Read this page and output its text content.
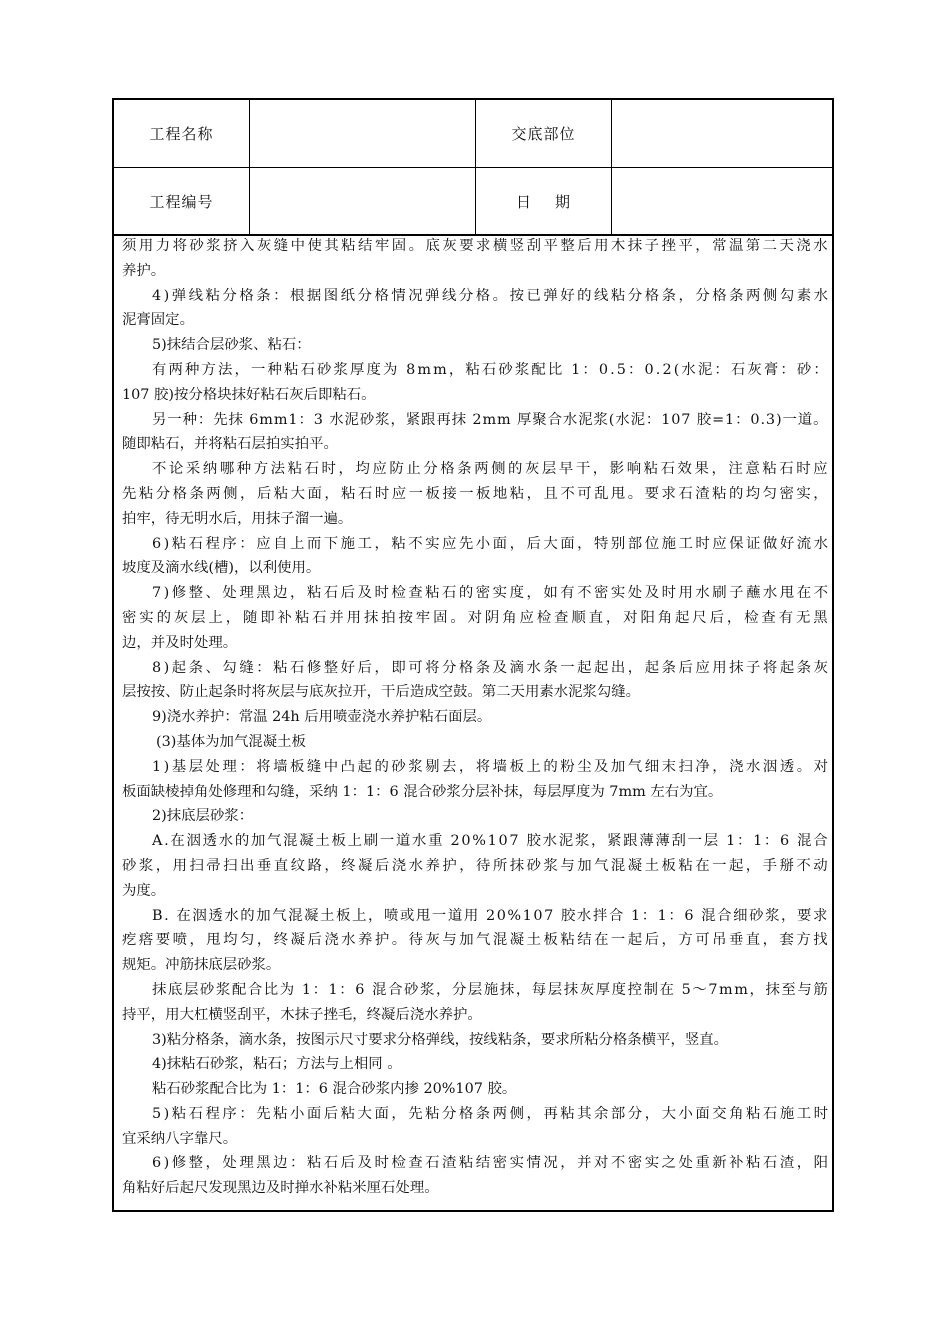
工程名称	交底部位
工程编号	日    期
须 用 力 将 砂 浆 挤 入 灰 缝 中 使 其 粘 结 牢 固 。 底 灰 要 求 横 竖 刮 平 整 后 用 木 抹 子 挫 平 ， 常 温 第 二 天 浇 水
养护。
4 ) 弹 线 粘 分 格 条 ： 根 据 图 纸 分 格 情 况 弹 线 分 格 。 按 已 弹 好 的 线 粘 分 格 条 ， 分 格 条 两 侧 勾 素 水
泥膏固定。
5)抹结合层砂浆、粘石：
有 两 种 方 法 ， 一 种 粘 石 砂 浆 厚 度 为
8 m m ， 粘 石 砂 浆 配 比
1 ： 0 . 5 ： 0 . 2 ( 水 泥 ： 石 灰 膏 ： 砂 ：
107 胶)按分格块抹好粘石灰后即粘石。
另 一 种 ： 先 抹
6 m m 1 ： 3
水 泥 砂 浆 ， 紧 跟 再 抹
2 m m
厚 聚 合 水 泥 浆 ( 水 泥 ： 1 0 7
胶 = 1 ： 0 . 3 ) 一 道 。
随即粘石，并将粘石层拍实拍平。
不 论 采 纳 哪 种 方 法 粘 石 时 ， 均 应 防 止 分 格 条 两 侧 的 灰 层 早 干 ， 影 响 粘 石 效 果 ， 注 意 粘 石 时 应
先 粘 分 格 条 两 侧 ， 后 粘 大 面 ， 粘 石 时 应 一 板 接 一 板 地 粘 ， 且 不 可 乱 甩 。 要 求 石 渣 粘 的 均 匀 密 实 ，
拍牢，待无明水后，用抹子溜一遍。
6 ) 粘 石 程 序 ： 应 自 上 而 下 施 工 ， 粘 不 实 应 先 小 面 ， 后 大 面 ， 特 别 部 位 施 工 时 应 保 证 做 好 流 水
坡度及滴水线(槽)，以利使用。
7 ) 修 整 、 处 理 黑 边 ， 粘 石 后 及 时 检 查 粘 石 的 密 实 度 ， 如 有 不 密 实 处 及 时 用 水 刷 子 蘸 水 甩 在 不
密 实 的 灰 层 上 ， 随 即 补 粘 石 并 用 抹 拍 按 牢 固 。 对 阴 角 应 检 查 顺 直 ， 对 阳 角 起 尺 后 ， 检 查 有 无 黑
边，并及时处理。
8 ) 起 条 、 勾 缝 ： 粘 石 修 整 好 后 ， 即 可 将 分 格 条 及 滴 水 条 一 起 起 出 ， 起 条 后 应 用 抹 子 将 起 条 灰
层按按、防止起条时将灰层与底灰拉开，干后造成空鼓。第二天用素水泥浆勾缝。
9)浇水养护：常温 24h 后用喷壶浇水养护粘石面层。
(3)基体为加气混凝土板
1 ) 基 层 处 理 ： 将 墙 板 缝 中 凸 起 的 砂 浆 剔 去 ， 将 墙 板 上 的 粉 尘 及 加 气 细 末 扫 净 ， 浇 水 洇 透 。 对
板面缺棱掉角处修理和勾缝，采纳 1：1：6 混合砂浆分层补抹，每层厚度为 7mm 左右为宜。
2)抹底层砂浆：
A . 在 洇 透 水 的 加 气 混 凝 土 板 上 刷 一 道 水 重
2 0 % 1 0 7
胶 水 泥 浆 ， 紧 跟 薄 薄 刮 一 层
1 ： 1 ： 6
混 合
砂 浆 ， 用 扫 帚 扫 出 垂 直 纹 路 ， 终 凝 后 浇 水 养 护 ， 待 所 抹 砂 浆 与 加 气 混 凝 土 板 粘 在 一 起 ， 手 掰 不 动
为度。
B .
在 洇 透 水 的 加 气 混 凝 土 板 上 ， 喷 或 甩 一 道 用
2 0 % 1 0 7
胶 水 拌 合
1 ： 1 ： 6
混 合 细 砂 浆 ， 要 求
疙 瘩 要 喷 ， 甩 均 匀 ， 终 凝 后 浇 水 养 护 。 待 灰 与 加 气 混 凝 土 板 粘 结 在 一 起 后 ， 方 可 吊 垂 直 ， 套 方 找
规矩。冲筋抹底层砂浆。
抹 底 层 砂 浆 配 合 比 为
1 ： 1 ： 6
混 合 砂 浆 ， 分 层 施 抹 ， 每 层 抹 灰 厚 度 控 制 在
5 ～ 7 m m ， 抹 至 与 筋
持平，用大杠横竖刮平，木抹子挫毛，终凝后浇水养护。
3)粘分格条，滴水条，按图示尺寸要求分格弹线，按线粘条，要求所粘分格条横平，竖直。
4)抹粘石砂浆，粘石；方法与上相同 。
粘石砂浆配合比为 1：1：6 混合砂浆内掺 20%107 胶。
5 ) 粘 石 程 序 ： 先 粘 小 面 后 粘 大 面 ， 先 粘 分 格 条 两 侧 ， 再 粘 其 余 部 分 ， 大 小 面 交 角 粘 石 施 工 时
宜采纳八字靠尺。
6 ) 修 整 ， 处 理 黑 边 ： 粘 石 后 及 时 检 查 石 渣 粘 结 密 实 情 况 ， 并 对 不 密 实 之 处 重 新 补 粘 石 渣 ， 阳
角粘好后起尺发现黑边及时掸水补粘米厘石处理。
